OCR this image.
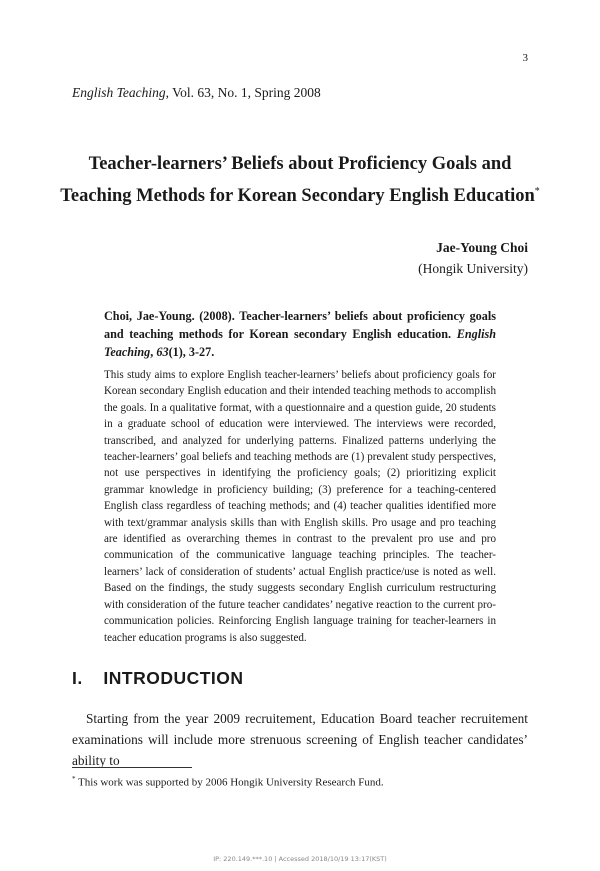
3
English Teaching, Vol. 63, No. 1, Spring 2008
Teacher-learners’ Beliefs about Proficiency Goals and
Teaching Methods for Korean Secondary English Education*
Jae-Young Choi
(Hongik University)
Choi, Jae-Young. (2008). Teacher-learners’ beliefs about proficiency goals and teaching methods for Korean secondary English education. English Teaching, 63(1), 3-27.
This study aims to explore English teacher-learners’ beliefs about proficiency goals for Korean secondary English education and their intended teaching methods to accomplish the goals. In a qualitative format, with a questionnaire and a question guide, 20 students in a graduate school of education were interviewed. The interviews were recorded, transcribed, and analyzed for underlying patterns. Finalized patterns underlying the teacher-learners’ goal beliefs and teaching methods are (1) prevalent study perspectives, not use perspectives in identifying the proficiency goals; (2) prioritizing explicit grammar knowledge in proficiency building; (3) preference for a teaching-centered English class regardless of teaching methods; and (4) teacher qualities identified more with text/grammar analysis skills than with English skills. Pro usage and pro teaching are identified as overarching themes in contrast to the prevalent pro use and pro communication of the communicative language teaching principles. The teacher-learners’ lack of consideration of students’ actual English practice/use is noted as well. Based on the findings, the study suggests secondary English curriculum restructuring with consideration of the future teacher candidates’ negative reaction to the current pro-communication policies. Reinforcing English language training for teacher-learners in teacher education programs is also suggested.
I. INTRODUCTION
Starting from the year 2009 recruitement, Education Board teacher recruitement examinations will include more strenuous screening of English teacher candidates’ ability to
* This work was supported by 2006 Hongik University Research Fund.
IP: 220.149.***.10 | Accessed 2018/10/19 13:17(KST)
